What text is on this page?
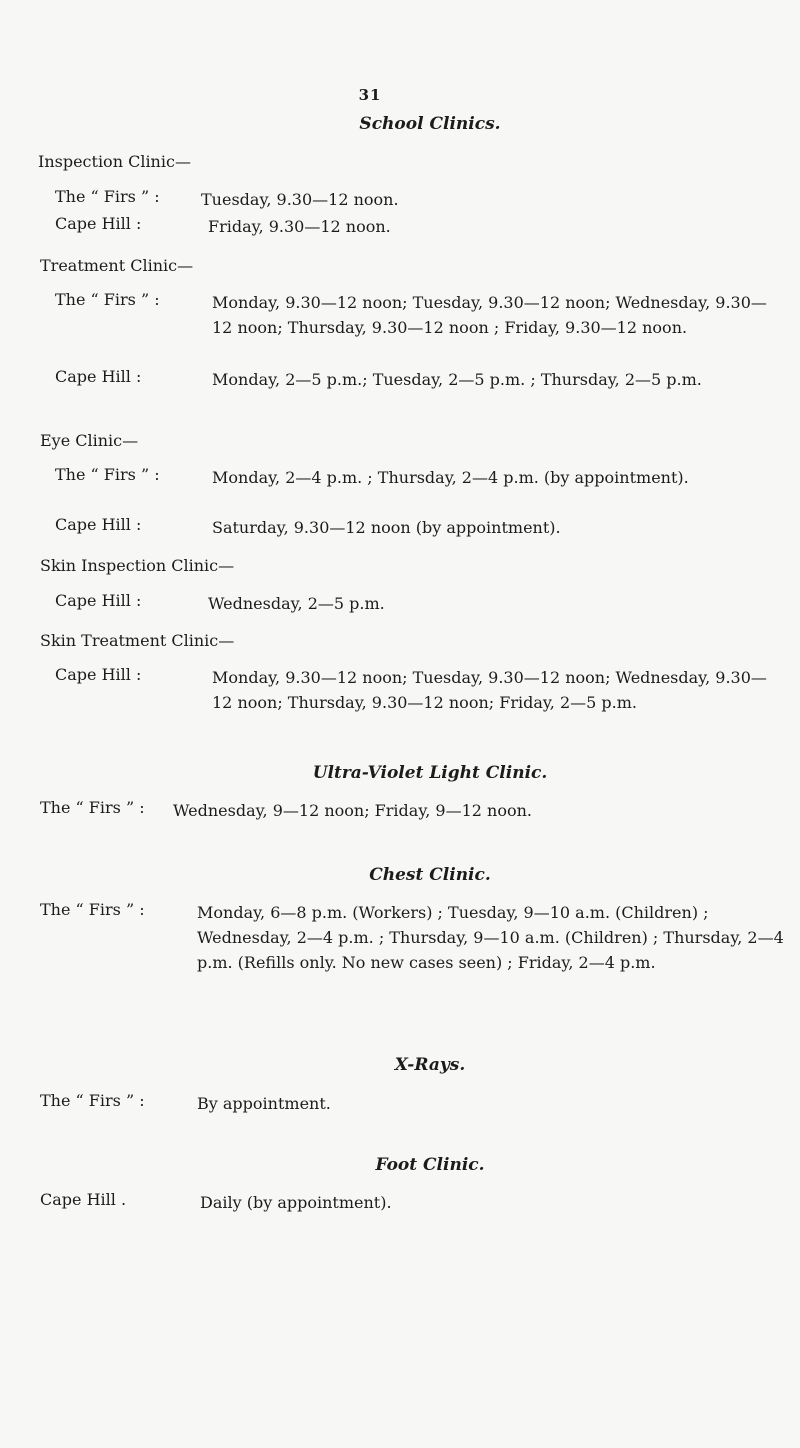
31
School Clinics.
Inspection Clinic—
The “ Firs ” :	Tuesday, 9.30—12 noon.
Cape Hill :	Friday, 9.30—12 noon.
Treatment Clinic—
The “ Firs ” :	Monday, 9.30—12 noon; Tuesday, 9.30—12 noon; Wednesday, 9.30—12 noon; Thursday, 9.30—12 noon ; Friday, 9.30—12 noon.
Cape Hill :	Monday, 2—5 p.m.; Tuesday, 2—5 p.m. ; Thursday, 2—5 p.m.
Eye Clinic—
The “ Firs ” :	Monday, 2—4 p.m. ; Thursday, 2—4 p.m. (by appointment).
Cape Hill :	Saturday, 9.30—12 noon (by appointment).
Skin Inspection Clinic—
Cape Hill :	Wednesday, 2—5 p.m.
Skin Treatment Clinic—
Cape Hill :	Monday, 9.30—12 noon; Tuesday, 9.30—12 noon; Wednesday, 9.30—12 noon; Thursday, 9.30—12 noon; Friday, 2—5 p.m.
Ultra-Violet Light Clinic.
The “ Firs ” : Wednesday, 9—12 noon; Friday, 9—12 noon.
Chest Clinic.
The “ Firs ” :	Monday, 6—8 p.m. (Workers) ; Tuesday, 9—10 a.m. (Children) ; Wednesday, 2—4 p.m. ; Thursday, 9—10 a.m. (Children) ; Thursday, 2—4 p.m. (Refills only. No new cases seen) ; Friday, 2—4 p.m.
X-Rays.
The “ Firs ” :	By appointment.
Foot Clinic.
Cape Hill .	Daily (by appointment).
